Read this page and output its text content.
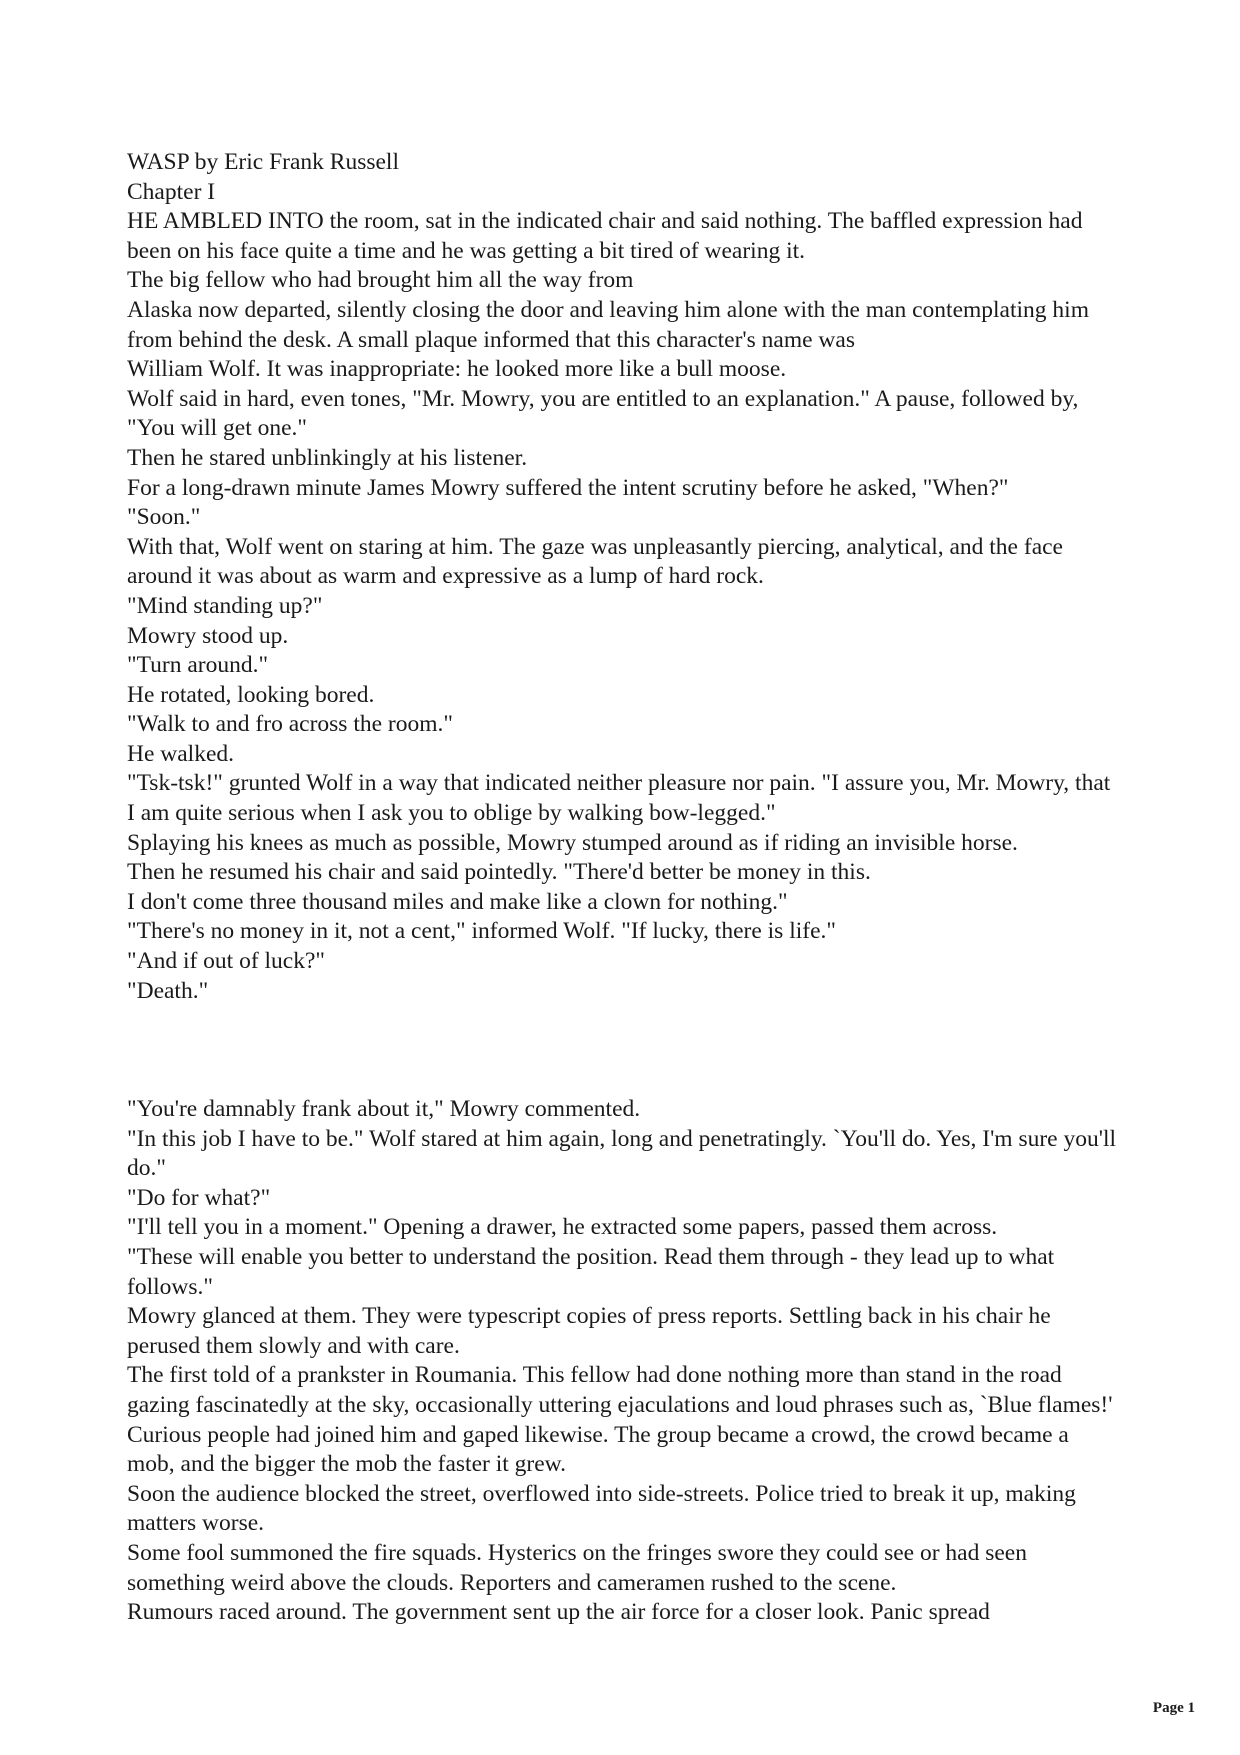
WASP by Eric Frank Russell

Chapter I

HE AMBLED INTO the room, sat in the indicated chair and said nothing. The baffled expression had been on his face quite a time and he was getting a bit tired of wearing it.

The big fellow who had brought him all the way from

Alaska now departed, silently closing the door and leaving him alone with the man contemplating him from behind the desk. A small plaque informed that this character's name was

William Wolf. It was inappropriate: he looked more like a bull moose.

Wolf said in hard, even tones, "Mr. Mowry, you are entitled to an explanation." A pause, followed by, "You will get one."

Then he stared unblinkingly at his listener.

For a long-drawn minute James Mowry suffered the intent scrutiny before he asked, "When?"

"Soon."

With that, Wolf went on staring at him. The gaze was unpleasantly piercing, analytical, and the face around it was about as warm and expressive as a lump of hard rock.

"Mind standing up?"

Mowry stood up.

"Turn around."

He rotated, looking bored.

"Walk to and fro across the room."

He walked.

"Tsk-tsk!" grunted Wolf in a way that indicated neither pleasure nor pain. "I assure you, Mr. Mowry, that I am quite serious when I ask you to oblige by walking bow-legged."

Splaying his knees as much as possible, Mowry stumped around as if riding an invisible horse.

Then he resumed his chair and said pointedly. "There'd better be money in this.

I don't come three thousand miles and make like a clown for nothing."

"There's no money in it, not a cent," informed Wolf. "If lucky, there is life."

"And if out of luck?"

"Death."

"You're damnably frank about it," Mowry commented.

"In this job I have to be." Wolf stared at him again, long and penetratingly. `You'll do. Yes, I'm sure you'll do."

"Do for what?"

"I'll tell you in a moment." Opening a drawer, he extracted some papers, passed them across.

"These will enable you better to understand the position. Read them through - they lead up to what follows."

Mowry glanced at them. They were typescript copies of press reports. Settling back in his chair he perused them slowly and with care.

The first told of a prankster in Roumania. This fellow had done nothing more than stand in the road gazing fascinatedly at the sky, occasionally uttering ejaculations and loud phrases such as, `Blue flames!' Curious people had joined him and gaped likewise. The group became a crowd, the crowd became a mob, and the bigger the mob the faster it grew.

Soon the audience blocked the street, overflowed into side-streets. Police tried to break it up, making matters worse.

Some fool summoned the fire squads. Hysterics on the fringes swore they could see or had seen something weird above the clouds. Reporters and cameramen rushed to the scene.

Rumours raced around. The government sent up the air force for a closer look. Panic spread

Page 1
